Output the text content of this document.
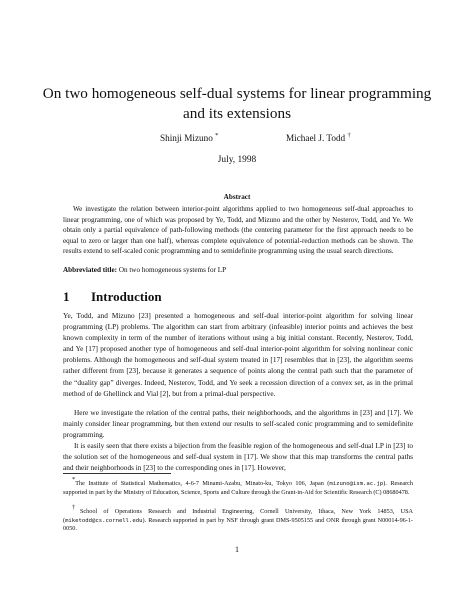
On two homogeneous self-dual systems for linear programming and its extensions
Shinji Mizuno *	Michael J. Todd †
July, 1998
Abstract
We investigate the relation between interior-point algorithms applied to two homogeneous self-dual approaches to linear programming, one of which was proposed by Ye, Todd, and Mizuno and the other by Nesterov, Todd, and Ye. We obtain only a partial equivalence of path-following methods (the centering parameter for the first approach needs to be equal to zero or larger than one half), whereas complete equivalence of potential-reduction methods can be shown. The results extend to self-scaled conic programming and to semidefinite programming using the usual search directions.
Abbreviated title: On two homogeneous systems for LP
1 Introduction

Ye, Todd, and Mizuno [23] presented a homogeneous and self-dual interior-point algorithm for solving linear programming (LP) problems. The algorithm can start from arbitrary (infeasible) interior points and achieves the best known complexity in term of the number of iterations without using a big initial constant. Recently, Nesterov, Todd, and Ye [17] proposed another type of homogeneous and self-dual interior-point algorithm for solving nonlinear conic problems. Although the homogeneous and self-dual system treated in [17] resembles that in [23], the algorithm seems rather different from [23], because it generates a sequence of points along the central path such that the parameter of the “duality gap” diverges. Indeed, Nesterov, Todd, and Ye seek a recession direction of a convex set, as in the primal method of de Ghellinck and Vial [2], but from a primal-dual perspective.

Here we investigate the relation of the central paths, their neighborhoods, and the algorithms in [23] and [17]. We mainly consider linear programming, but then extend our results to self-scaled conic programming and to semidefinite programming.

It is easily seen that there exists a bijection from the feasible region of the homogeneous and self-dual LP in [23] to the solution set of the homogeneous and self-dual system in [17]. We show that this map transforms the central paths and their neighborhoods in [23] to the corresponding ones in [17]. However,

*The Institute of Statistical Mathematics, 4-6-7 Minami-Azabu, Minato-ku, Tokyo 106, Japan (mizuno@ism.ac.jp). Research supported in part by the Ministry of Education, Science, Sports and Culture through the Grant-in-Aid for Scientific Research (C) 08680478.
†School of Operations Research and Industrial Engineering, Cornell University, Ithaca, New York 14853, USA (miketodd@cs.cornell.edu). Research supported in part by NSF through grant DMS-9505155 and ONR through grant N00014-96-1-0050.
1
